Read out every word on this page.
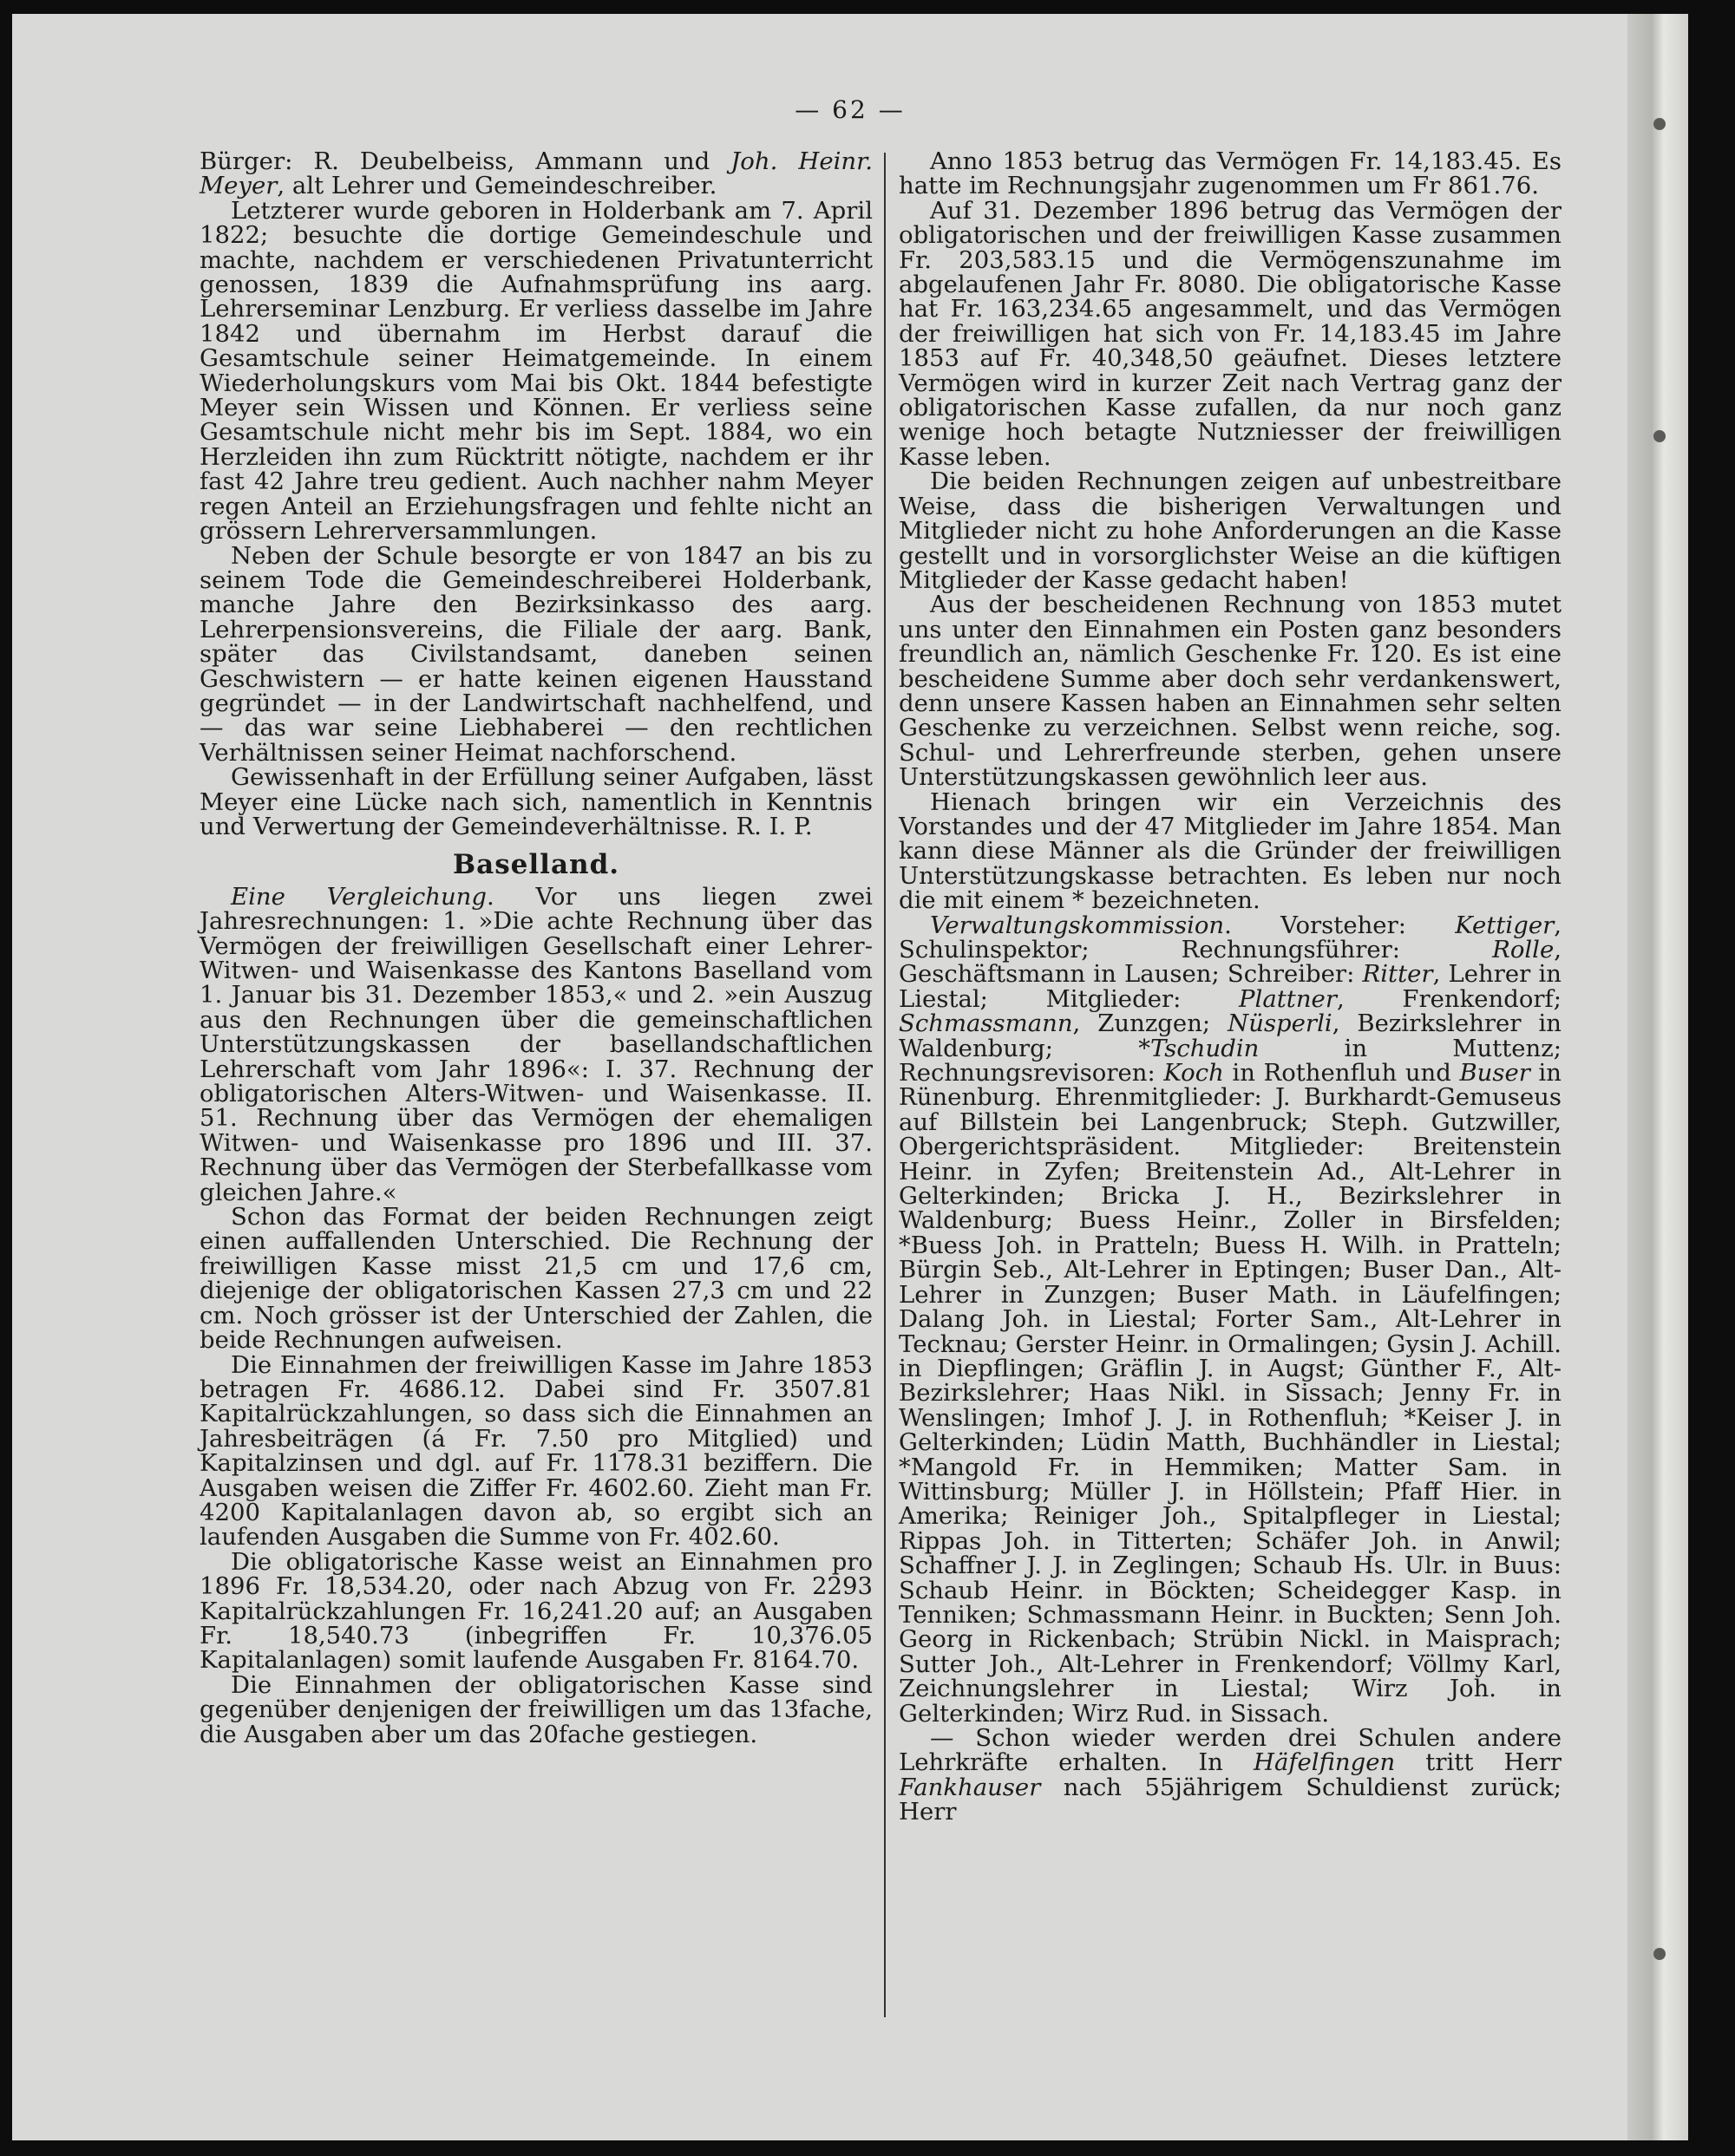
— 62 —

Bürger: R. Deubelbeiss, Ammann und Joh. Heinr. Meyer, alt Lehrer und Gemeindeschreiber.

Letzterer wurde geboren in Holderbank am 7. April 1822; besuchte die dortige Gemeindeschule und machte, nachdem er verschiedenen Privatunterricht genossen, 1839 die Aufnahmsprüfung ins aarg. Lehrerseminar Lenzburg. Er verliess dasselbe im Jahre 1842 und übernahm im Herbst darauf die Gesamtschule seiner Heimatgemeinde. In einem Wiederholungskurs vom Mai bis Okt. 1844 befestigte Meyer sein Wissen und Können. Er verliess seine Gesamtschule nicht mehr bis im Sept. 1884, wo ein Herzleiden ihn zum Rücktritt nötigte, nachdem er ihr fast 42 Jahre treu gedient. Auch nachher nahm Meyer regen Anteil an Erziehungsfragen und fehlte nicht an grössern Lehrerversammlungen.

Neben der Schule besorgte er von 1847 an bis zu seinem Tode die Gemeindeschreiberei Holderbank, manche Jahre den Bezirksinkasso des aarg. Lehrerpensionsvereins, die Filiale der aarg. Bank, später das Civilstandsamt, daneben seinen Geschwistern — er hatte keinen eigenen Hausstand gegründet — in der Landwirtschaft nachhelfend, und — das war seine Liebhaberei — den rechtlichen Verhältnissen seiner Heimat nachforschend.

Gewissenhaft in der Erfüllung seiner Aufgaben, lässt Meyer eine Lücke nach sich, namentlich in Kenntnis und Verwertung der Gemeindeverhältnisse. R. I. P.

Baselland.

Eine Vergleichung. Vor uns liegen zwei Jahresrechnungen: 1. »Die achte Rechnung über das Vermögen der freiwilligen Gesellschaft einer Lehrer-Witwen- und Waisenkasse des Kantons Baselland vom 1. Januar bis 31. Dezember 1853,« und 2. »ein Auszug aus den Rechnungen über die gemeinschaftlichen Unterstützungskassen der basellandschaftlichen Lehrerschaft vom Jahr 1896«: I. 37. Rechnung der obligatorischen Alters-Witwen- und Waisenkasse. II. 51. Rechnung über das Vermögen der ehemaligen Witwen- und Waisenkasse pro 1896 und III. 37. Rechnung über das Vermögen der Sterbefallkasse vom gleichen Jahre.«

Schon das Format der beiden Rechnungen zeigt einen auffallenden Unterschied. Die Rechnung der freiwilligen Kasse misst 21,5 cm und 17,6 cm, diejenige der obligatorischen Kassen 27,3 cm und 22 cm. Noch grösser ist der Unterschied der Zahlen, die beide Rechnungen aufweisen.

Die Einnahmen der freiwilligen Kasse im Jahre 1853 betragen Fr. 4686.12. Dabei sind Fr. 3507.81 Kapitalrückzahlungen, so dass sich die Einnahmen an Jahresbeiträgen (á Fr. 7.50 pro Mitglied) und Kapitalzinsen und dgl. auf Fr. 1178.31 beziffern. Die Ausgaben weisen die Ziffer Fr. 4602.60. Zieht man Fr. 4200 Kapitalanlagen davon ab, so ergibt sich an laufenden Ausgaben die Summe von Fr. 402.60.

Die obligatorische Kasse weist an Einnahmen pro 1896 Fr. 18,534.20, oder nach Abzug von Fr. 2293 Kapitalrückzahlungen Fr. 16,241.20 auf; an Ausgaben Fr. 18,540.73 (inbegriffen Fr. 10,376.05 Kapitalanlagen) somit laufende Ausgaben Fr. 8164.70.

Die Einnahmen der obligatorischen Kasse sind gegenüber denjenigen der freiwilligen um das 13fache, die Ausgaben aber um das 20fache gestiegen.

Anno 1853 betrug das Vermögen Fr. 14,183.45. Es hatte im Rechnungsjahr zugenommen um Fr 861.76.

Auf 31. Dezember 1896 betrug das Vermögen der obligatorischen und der freiwilligen Kasse zusammen Fr. 203,583.15 und die Vermögenszunahme im abgelaufenen Jahr Fr. 8080. Die obligatorische Kasse hat Fr. 163,234.65 angesammelt, und das Vermögen der freiwilligen hat sich von Fr. 14,183.45 im Jahre 1853 auf Fr. 40,348,50 geäufnet. Dieses letztere Vermögen wird in kurzer Zeit nach Vertrag ganz der obligatorischen Kasse zufallen, da nur noch ganz wenige hoch betagte Nutzniesser der freiwilligen Kasse leben.

Die beiden Rechnungen zeigen auf unbestreitbare Weise, dass die bisherigen Verwaltungen und Mitglieder nicht zu hohe Anforderungen an die Kasse gestellt und in vorsorglichster Weise an die küftigen Mitglieder der Kasse gedacht haben!

Aus der bescheidenen Rechnung von 1853 mutet uns unter den Einnahmen ein Posten ganz besonders freundlich an, nämlich Geschenke Fr. 120. Es ist eine bescheidene Summe aber doch sehr verdankenswert, denn unsere Kassen haben an Einnahmen sehr selten Geschenke zu verzeichnen. Selbst wenn reiche, sog. Schul- und Lehrerfreunde sterben, gehen unsere Unterstützungskassen gewöhnlich leer aus.

Hienach bringen wir ein Verzeichnis des Vorstandes und der 47 Mitglieder im Jahre 1854. Man kann diese Männer als die Gründer der freiwilligen Unterstützungskasse betrachten. Es leben nur noch die mit einem * bezeichneten.

Verwaltungskommission. Vorsteher: Kettiger, Schulinspektor; Rechnungsführer: Rolle, Geschäftsmann in Lausen; Schreiber: Ritter, Lehrer in Liestal; Mitglieder: Plattner, Frenkendorf; Schmassmann, Zunzgen; Nüsperli, Bezirkslehrer in Waldenburg; *Tschudin in Muttenz; Rechnungsrevisoren: Koch in Rothenfluh und Buser in Rünenburg. Ehrenmitglieder: J. Burkhardt-Gemuseus auf Billstein bei Langenbruck; Steph. Gutzwiller, Obergerichtspräsident. Mitglieder: Breitenstein Heinr. in Zyfen; Breitenstein Ad., Alt-Lehrer in Gelterkinden; Bricka J. H., Bezirkslehrer in Waldenburg; Buess Heinr., Zoller in Birsfelden; *Buess Joh. in Pratteln; Buess H. Wilh. in Pratteln; Bürgin Seb., Alt-Lehrer in Eptingen; Buser Dan., Alt-Lehrer in Zunzgen; Buser Math. in Läufelfingen; Dalang Joh. in Liestal; Forter Sam., Alt-Lehrer in Tecknau; Gerster Heinr. in Ormalingen; Gysin J. Achill. in Diepflingen; Gräflin J. in Augst; Günther F., Alt-Bezirkslehrer; Haas Nikl. in Sissach; Jenny Fr. in Wenslingen; Imhof J. J. in Rothenfluh; *Keiser J. in Gelterkinden; Lüdin Matth, Buchhändler in Liestal; *Mangold Fr. in Hemmiken; Matter Sam. in Wittinsburg; Müller J. in Höllstein; Pfaff Hier. in Amerika; Reiniger Joh., Spitalpfleger in Liestal; Rippas Joh. in Titterten; Schäfer Joh. in Anwil; Schaffner J. J. in Zeglingen; Schaub Hs. Ulr. in Buus: Schaub Heinr. in Böckten; Scheidegger Kasp. in Tenniken; Schmassmann Heinr. in Buckten; Senn Joh. Georg in Rickenbach; Strübin Nickl. in Maisprach; Sutter Joh., Alt-Lehrer in Frenkendorf; Völlmy Karl, Zeichnungslehrer in Liestal; Wirz Joh. in Gelterkinden; Wirz Rud. in Sissach.

— Schon wieder werden drei Schulen andere Lehrkräfte erhalten. In Häfelfingen tritt Herr Fankhauser nach 55jährigem Schuldienst zurück; Herr
